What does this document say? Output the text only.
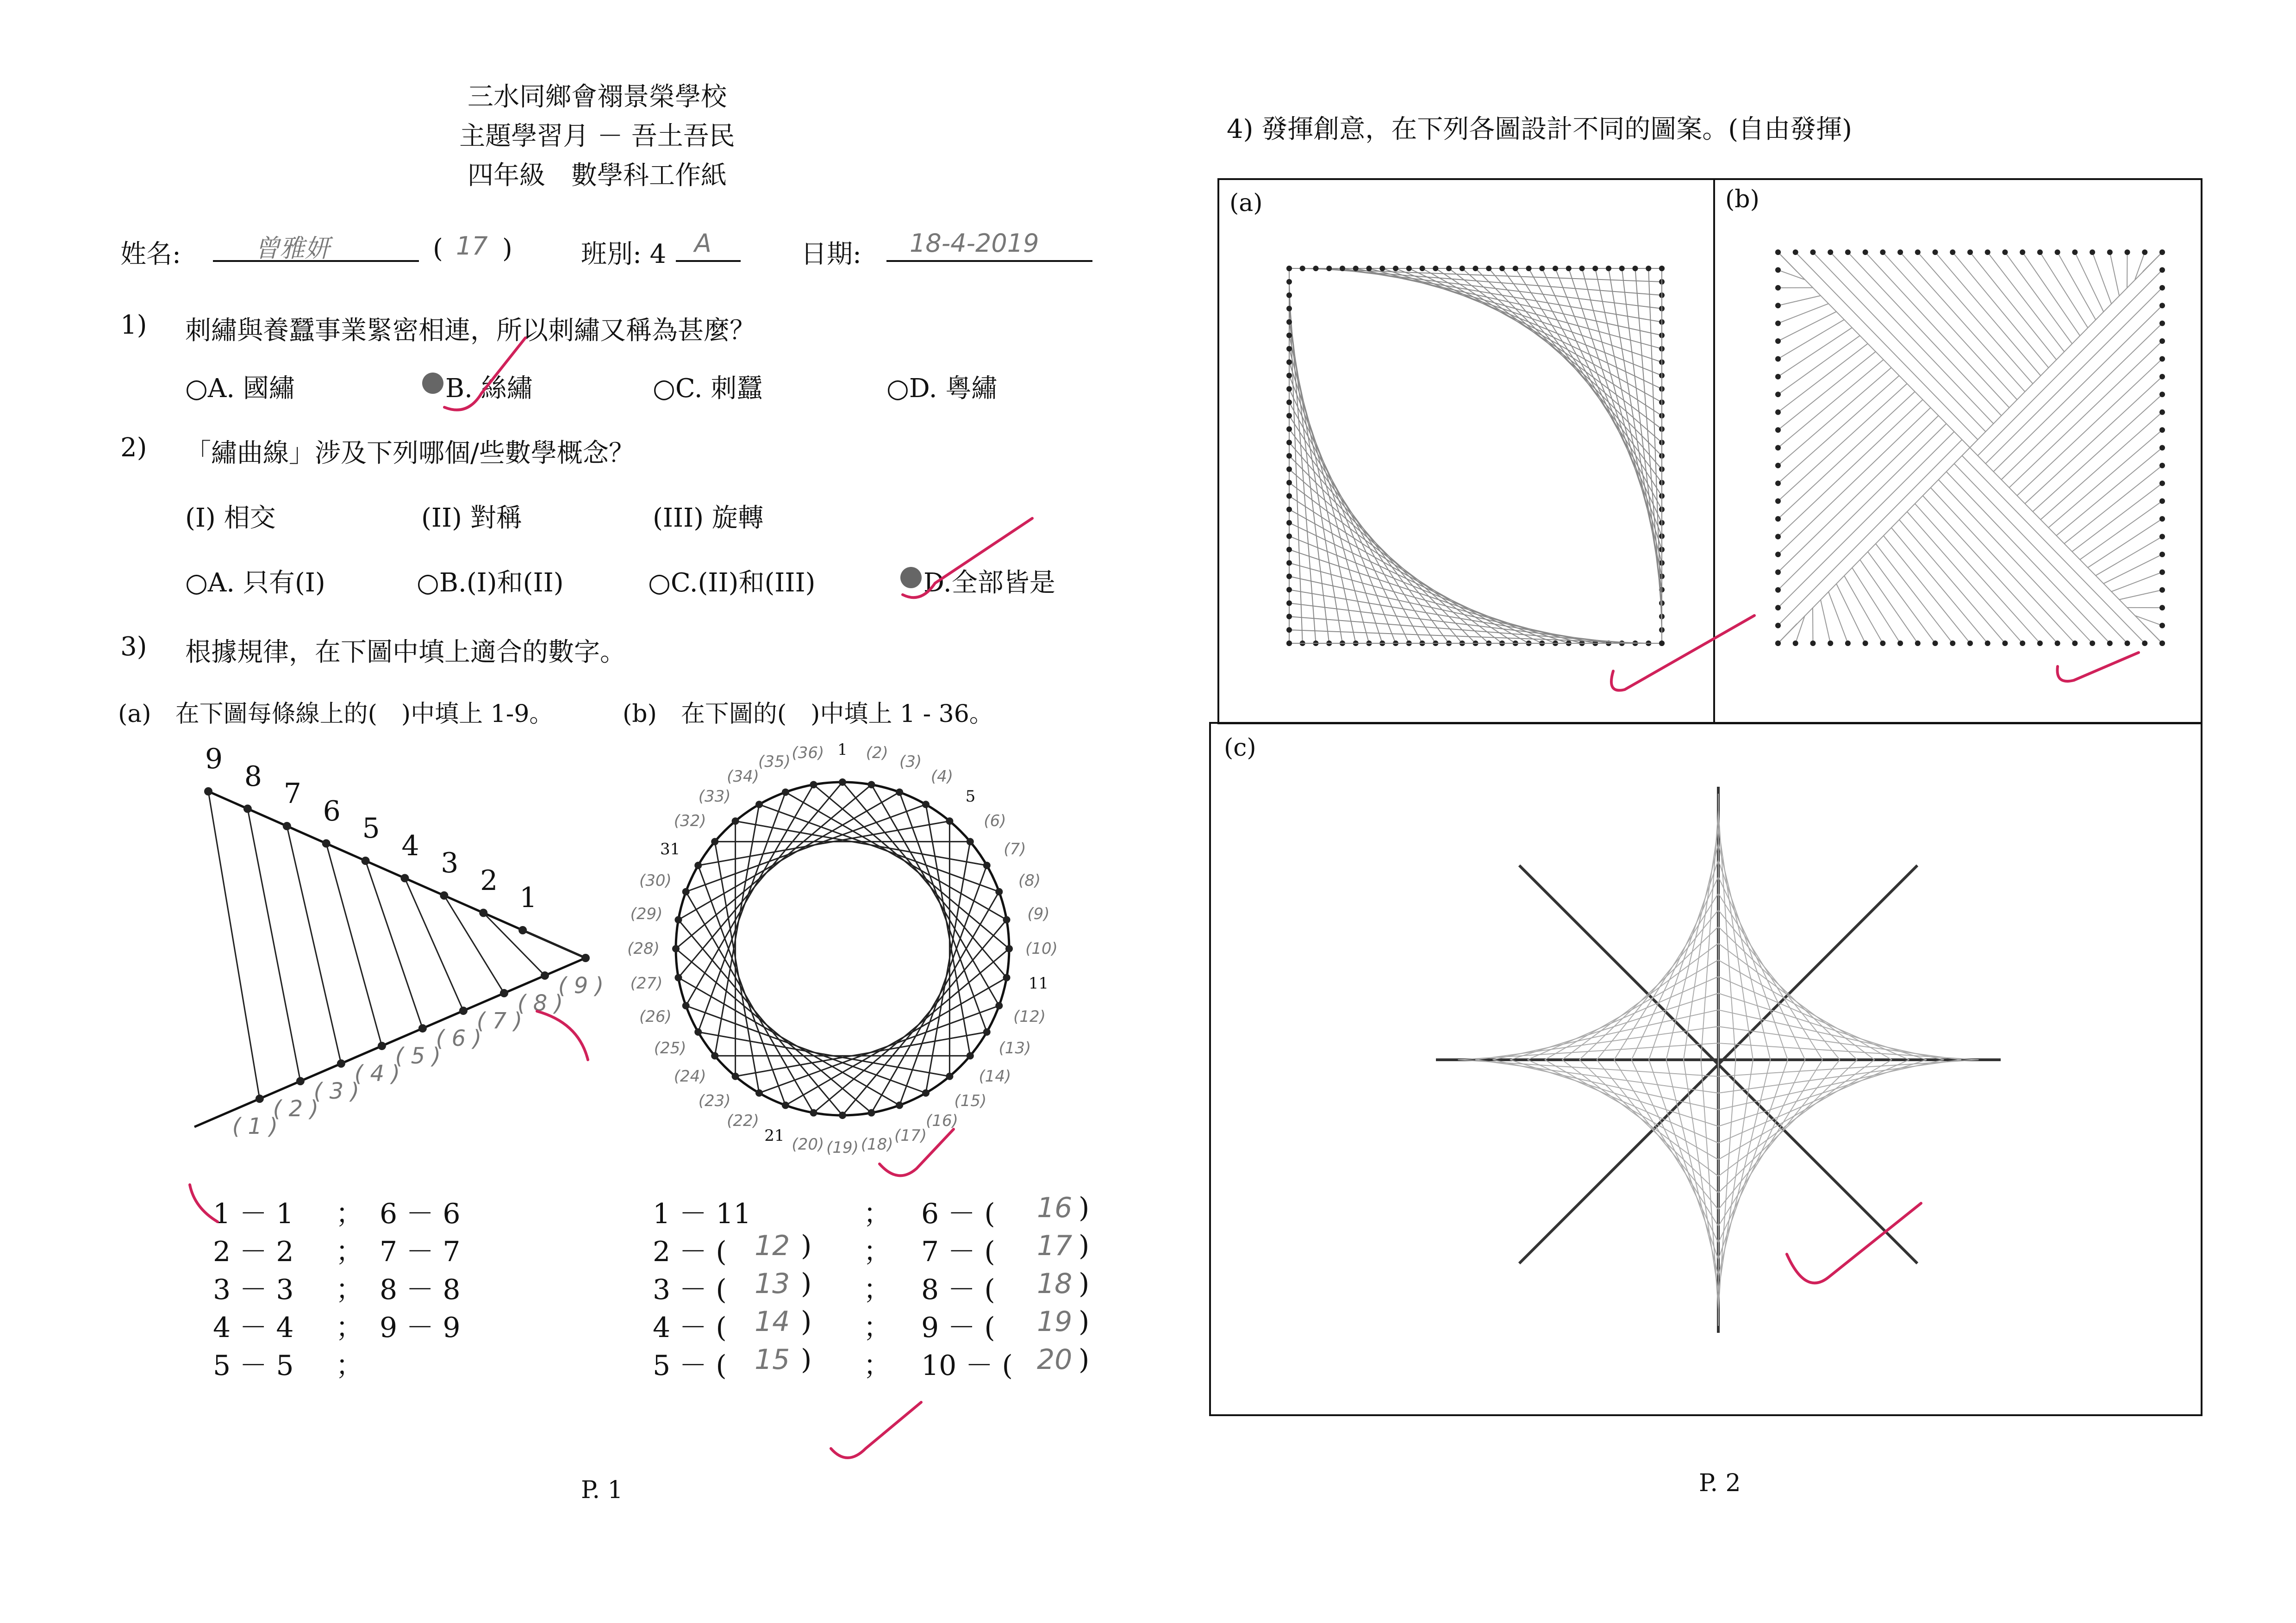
三水同鄉會禤景榮學校
主題學習月 － 吾土吾民
四年級　數學科工作紙
姓名:	曾雅妍	( 17 )	班別: 4 A	日期: 18-4-2019
1) 刺繡與養蠶事業緊密相連，所以刺繡又稱為甚麼？
○A. 國繡	B. 絲繡	○C. 刺蠶	○D. 粵繡
2) 「繡曲線」涉及下列哪個/些數學概念？
(I) 相交	(II) 對稱	(III) 旋轉
○A. 只有(I)	○B.(I)和(II)	○C.(II)和(III)	D.全部皆是
3) 根據規律，在下圖中填上適合的數字。
(a)　在下圖每條線上的(　)中填上 1-9。	(b)　在下圖的(　)中填上 1 - 36。
9
8
7
6
5
4
3
2
1
( 1 )
( 2 )
( 3 )
( 4 )
( 5 )
( 6 )
( 7 )
( 8 )
( 9 )
1 (2) (3)
(4)
5
(6)
(7)
(8)
(9)
(10)
11
(12)
(13)
(14)
(15)
(16)
(17)
(18)
(19)
(20)
21
(22)
(23)
(24)
(25)
(26)
(27)
(28)
(29)
(30)
31
(32)
(33)
(34)
(35) (36)
1 － 1 ； 6 － 6
2 － 2 ； 7 － 7
3 － 3 ； 8 － 8
4 － 4 ； 9 － 9
5 － 5 ；
1 － 11	； 6 － ( 16 )
2 － ( 12 ) ； 7 － ( 17 )
3 － ( 13 ) ； 8 － ( 18 )
4 － ( 14 ) ； 9 － ( 19 )
5 － ( 15 ) ； 10 － ( 20 )
P. 1
4) 發揮創意，在下列各圖設計不同的圖案。(自由發揮)
(a)	(b)
(c)
P. 2
